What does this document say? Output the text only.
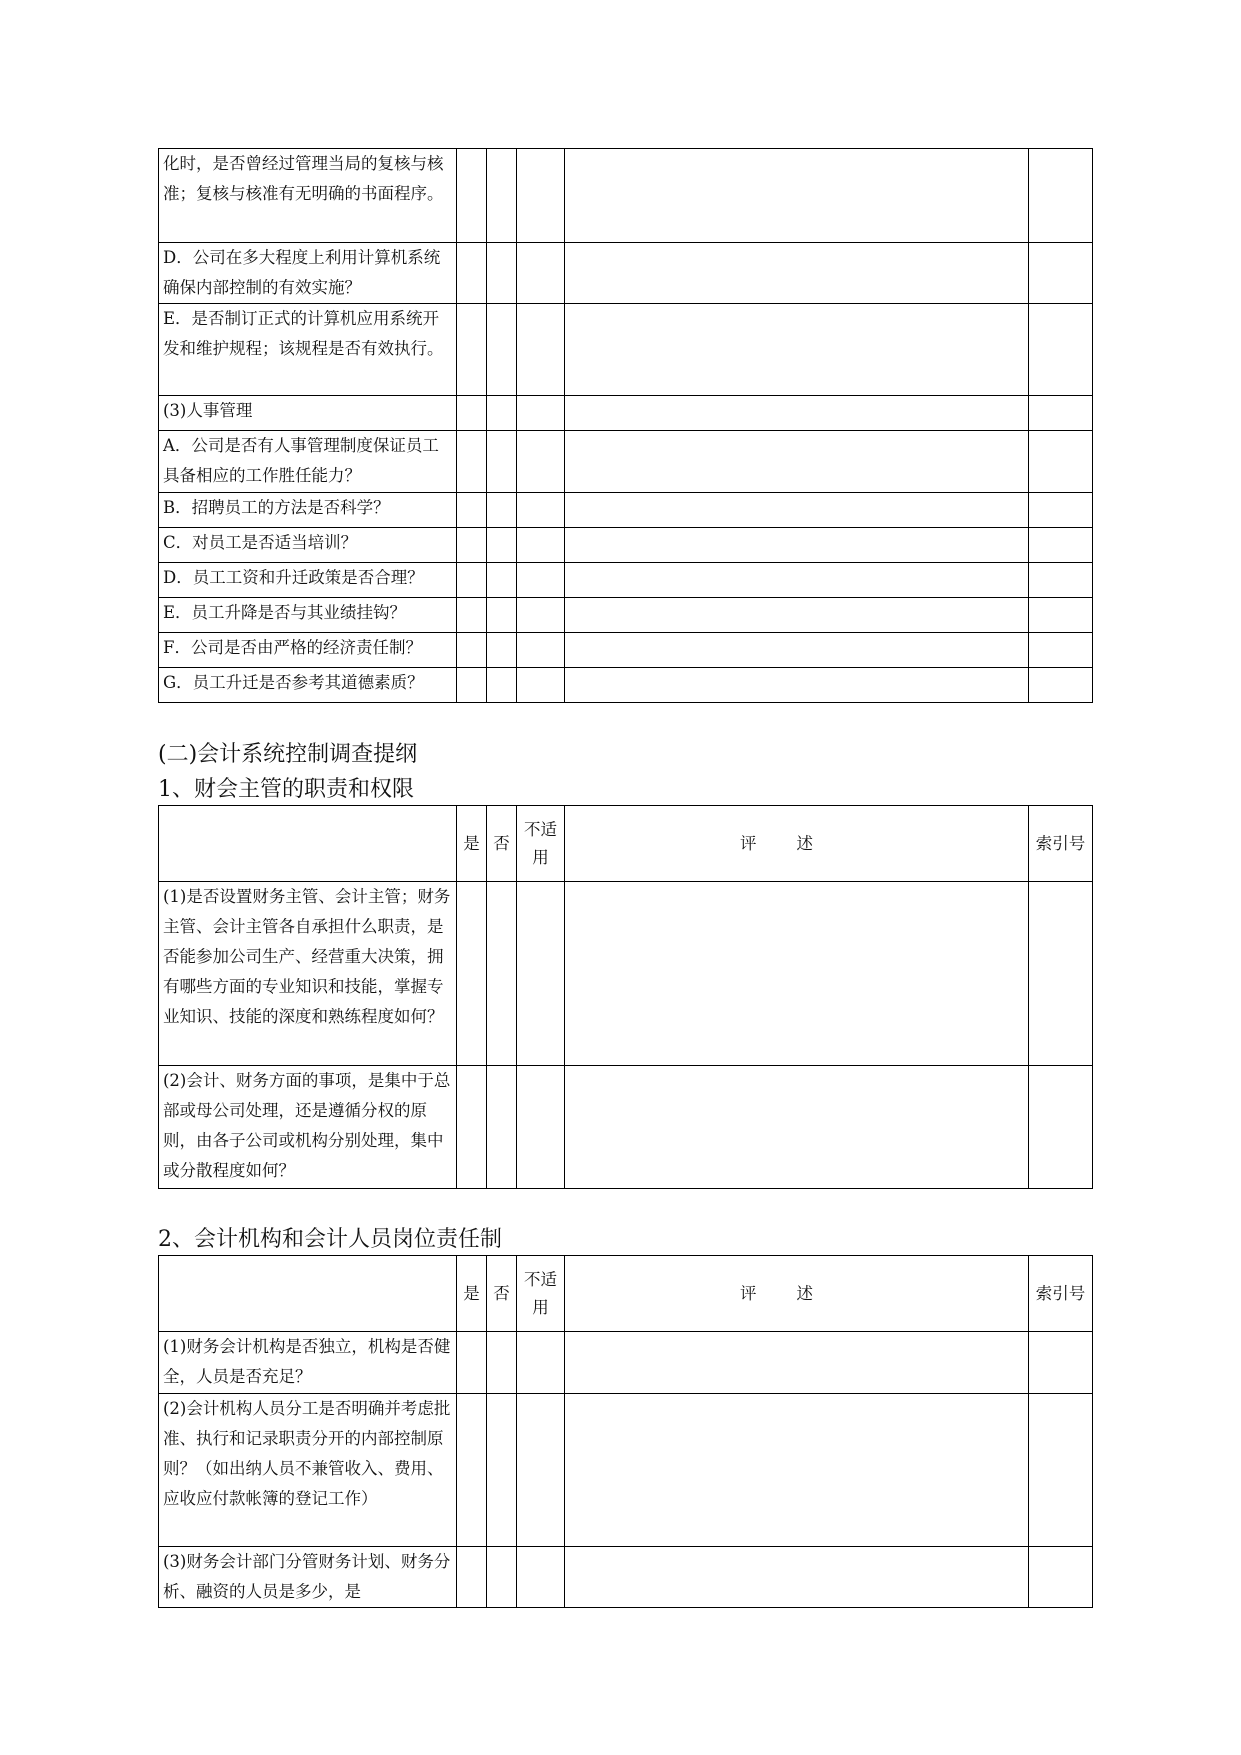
化时，是否曾经过管理当局的复核与核准；复核与核准有无明确的书面程序。					
D．公司在多大程度上利用计算机系统确保内部控制的有效实施？					
E．是否制订正式的计算机应用系统开发和维护规程；该规程是否有效执行。					
(3)人事管理					
A．公司是否有人事管理制度保证员工具备相应的工作胜任能力？					
B．招聘员工的方法是否科学？					
C．对员工是否适当培训？					
D．员工工资和升迁政策是否合理？					
E．员工升降是否与其业绩挂钩？					
F．公司是否由严格的经济责任制？					
G．员工升迁是否参考其道德素质？					
(二)会计系统控制调查提纲
1、财会主管的职责和权限
	是	否	不适用	评述	索引号
(1)是否设置财务主管、会计主管；财务主管、会计主管各自承担什么职责，是否能参加公司生产、经营重大决策，拥有哪些方面的专业知识和技能，掌握专业知识、技能的深度和熟练程度如何？					
(2)会计、财务方面的事项，是集中于总部或母公司处理，还是遵循分权的原则，由各子公司或机构分别处理，集中或分散程度如何？					
2、会计机构和会计人员岗位责任制
	是	否	不适用	评述	索引号
(1)财务会计机构是否独立，机构是否健全，人员是否充足？					
(2)会计机构人员分工是否明确并考虑批准、执行和记录职责分开的内部控制原则？（如出纳人员不兼管收入、费用、应收应付款帐簿的登记工作）					
(3)财务会计部门分管财务计划、财务分析、融资的人员是多少，是					
